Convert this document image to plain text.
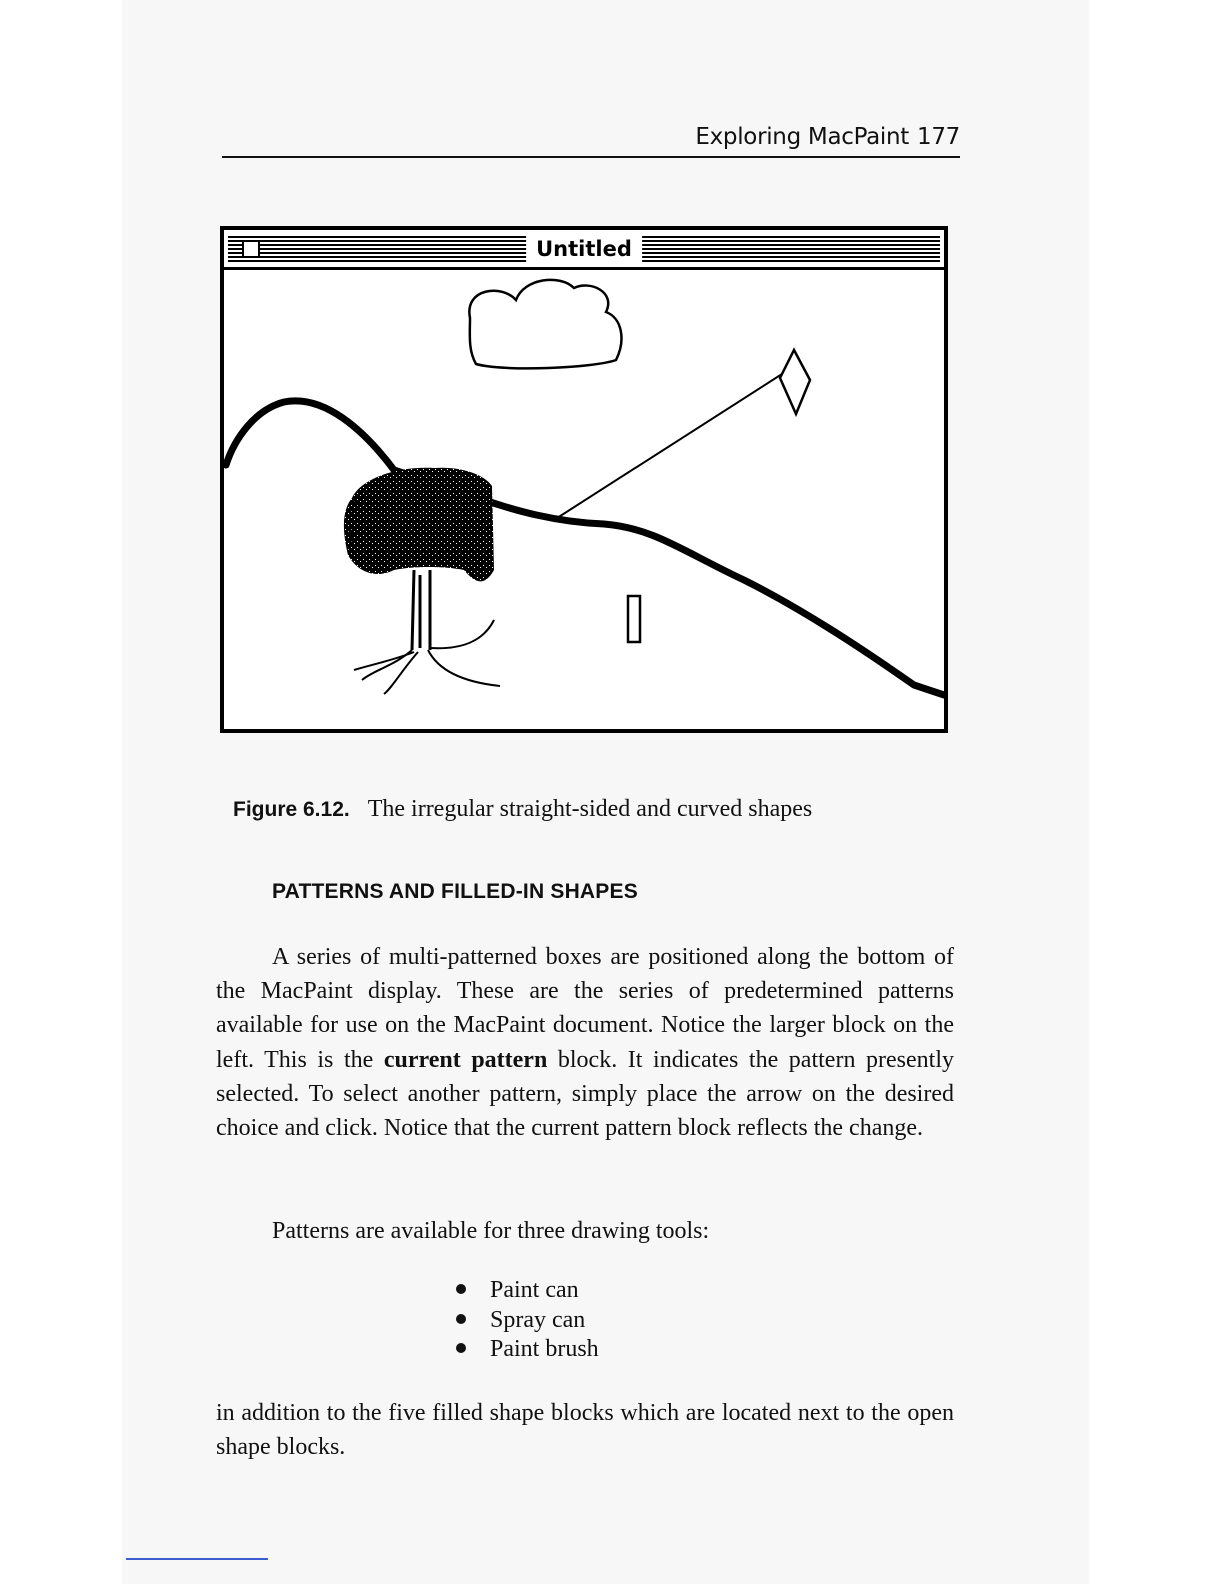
Exploring MacPaint 177
Untitled
Figure 6.12. The irregular straight-sided and curved shapes
PATTERNS AND FILLED-IN SHAPES

A series of multi-patterned boxes are positioned along the bottom of the MacPaint display. These are the series of predetermined patterns available for use on the MacPaint document. Notice the larger block on the left. This is the current pattern block. It indicates the pattern presently selected. To select another pattern, simply place the arrow on the desired choice and click. Notice that the current pattern block reflects the change.

Patterns are available for three drawing tools:

Paint can
Spray can
Paint brush

in addition to the five filled shape blocks which are located next to the open shape blocks.
